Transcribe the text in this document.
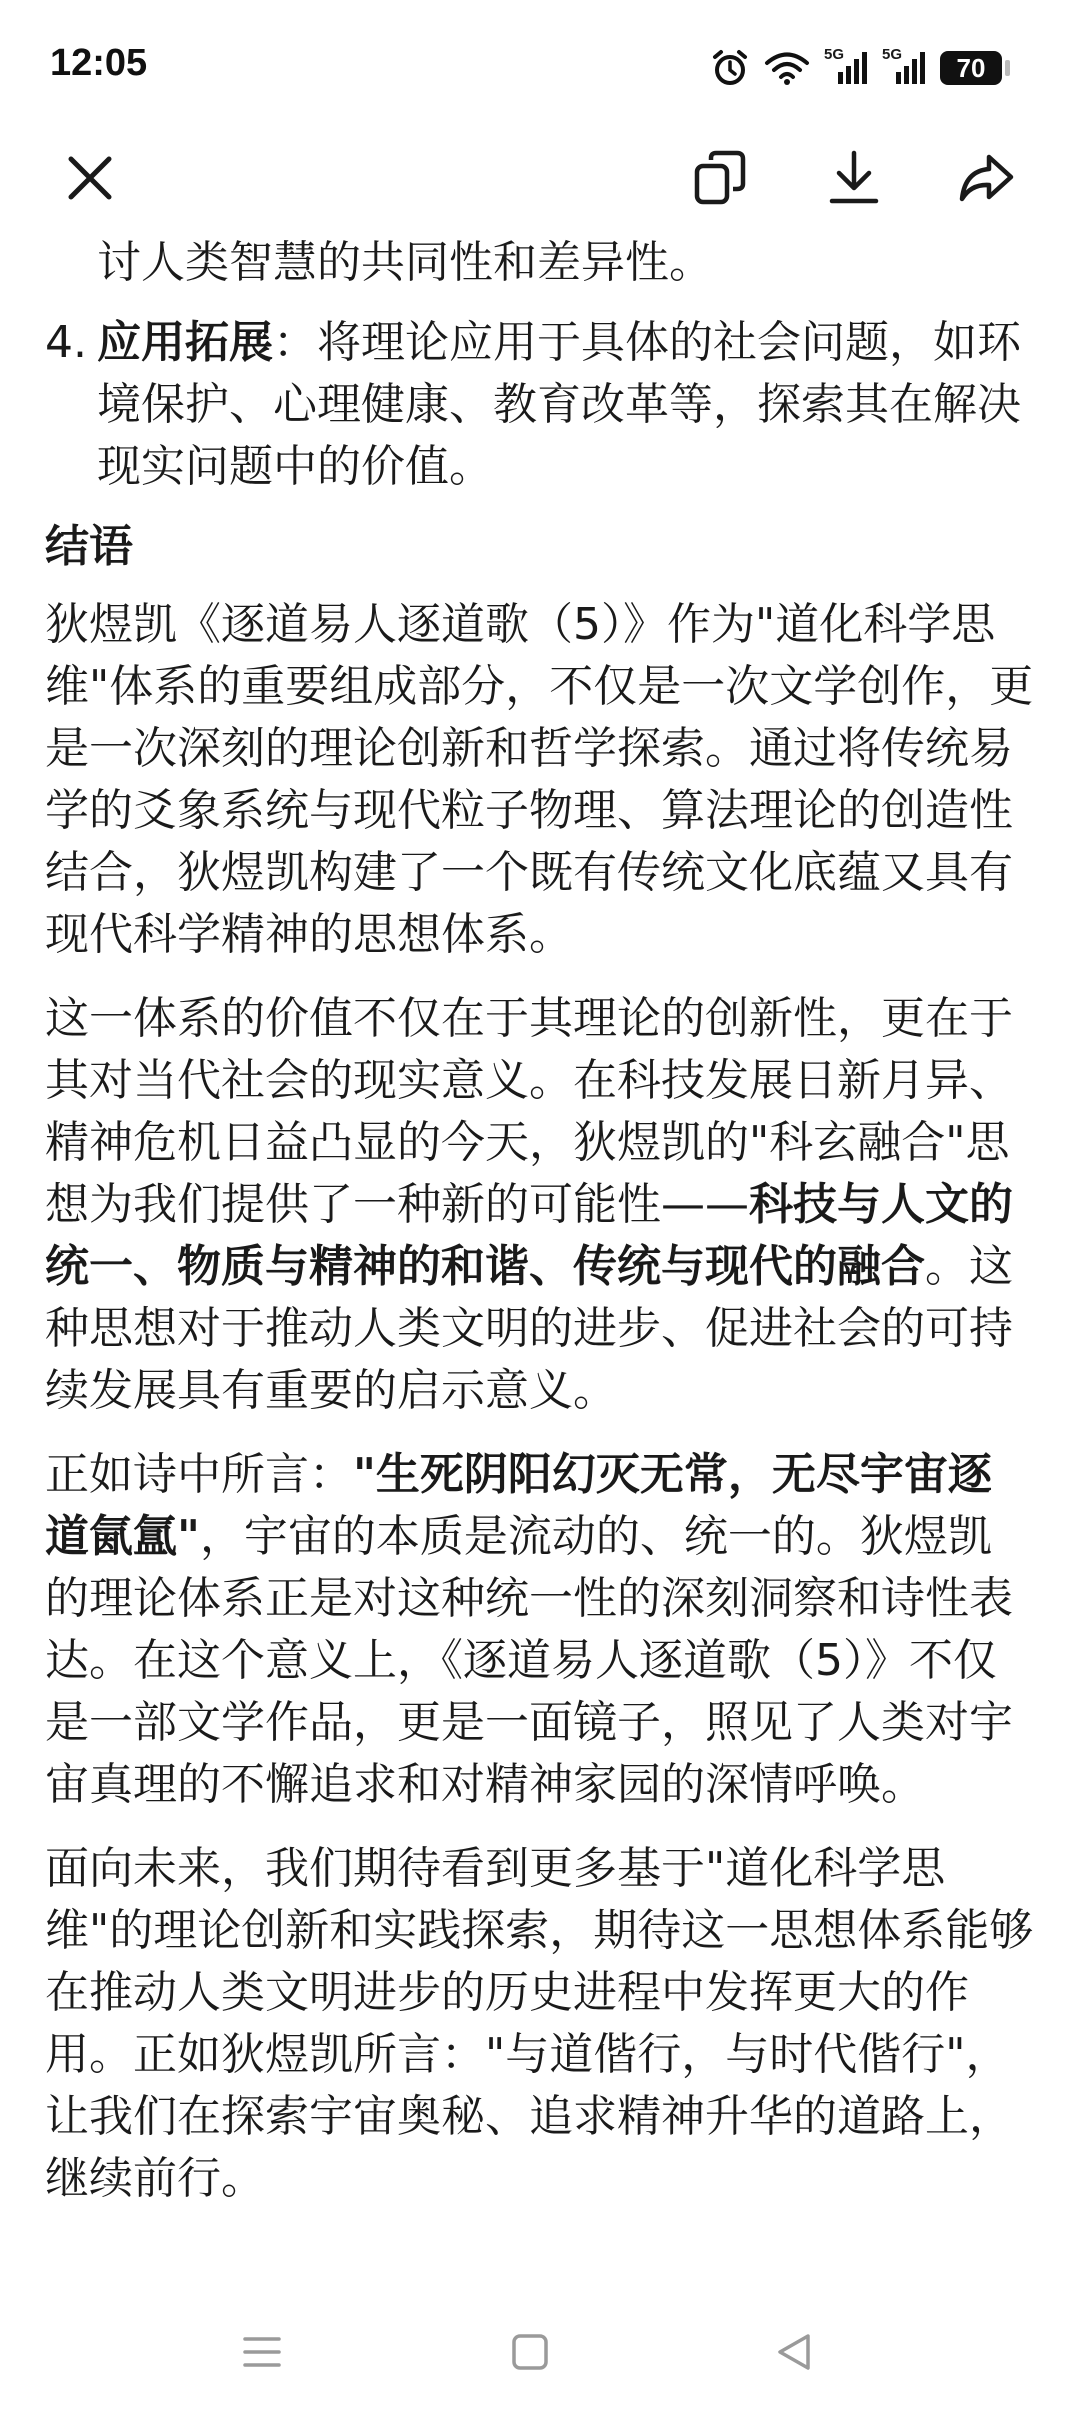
12:05	5G	5G	70
讨人类智慧的共同性和差异性。
4. 应用拓展：将理论应用于具体的社会问题，如环境保护、心理健康、教育改革等，探索其在解决现实问题中的价值。
结语
狄煜凯《逐道易人逐道歌（5）》作为"道化科学思维"体系的重要组成部分，不仅是一次文学创作，更是一次深刻的理论创新和哲学探索。通过将传统易学的爻象系统与现代粒子物理、算法理论的创造性结合，狄煜凯构建了一个既有传统文化底蕴又具有现代科学精神的思想体系。
这一体系的价值不仅在于其理论的创新性，更在于其对当代社会的现实意义。在科技发展日新月异、精神危机日益凸显的今天，狄煜凯的"科玄融合"思想为我们提供了一种新的可能性——科技与人文的统一、物质与精神的和谐、传统与现代的融合。这种思想对于推动人类文明的进步、促进社会的可持续发展具有重要的启示意义。
正如诗中所言："生死阴阳幻灭无常，无尽宇宙逐道氤氲"，宇宙的本质是流动的、统一的。狄煜凯的理论体系正是对这种统一性的深刻洞察和诗性表达。在这个意义上，《逐道易人逐道歌（5）》不仅是一部文学作品，更是一面镜子，照见了人类对宇宙真理的不懈追求和对精神家园的深情呼唤。
面向未来，我们期待看到更多基于"道化科学思维"的理论创新和实践探索，期待这一思想体系能够在推动人类文明进步的历史进程中发挥更大的作用。正如狄煜凯所言："与道偕行，与时代偕行"，让我们在探索宇宙奥秘、追求精神升华的道路上，继续前行。
